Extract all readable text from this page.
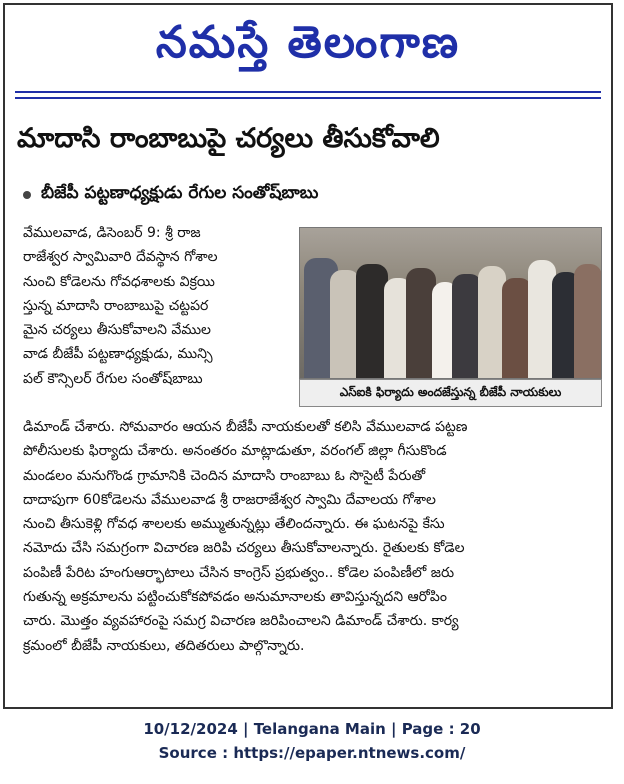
నమస్తే తెలంగాణ
మాదాసి రాంబాబుపై చర్యలు తీసుకోవాలి
బీజేపీ పట్టణాధ్యక్షుడు రేగుల సంతోష్‌బాబు

వేములవాడ, డిసెంబర్ 9: శ్రీ రాజ

రాజేశ్వర స్వామివారి దేవస్థాన గోశాల

నుంచి కోడెలను గోవధశాలకు విక్రయి

స్తున్న మాదాసి రాంబాబుపై చట్టపర

మైన చర్యలు తీసుకోవాలని వేముల

వాడ బీజేపీ పట్టణాధ్యక్షుడు, మున్సి

పల్ కౌన్సిలర్ రేగుల సంతోష్‌బాబు

ఎస్ఐకి ఫిర్యాదు అందజేస్తున్న బీజేపీ నాయకులు

డిమాండ్ చేశారు. సోమవారం ఆయన బీజేపీ నాయకులతో కలిసి వేములవాడ పట్టణ

పోలీసులకు ఫిర్యాదు చేశారు. అనంతరం మాట్లాడుతూ, వరంగల్ జిల్లా గీసుకొండ

మండలం మనుగొండ గ్రామానికి చెందిన మాదాసి రాంబాబు ఓ సొసైటీ పేరుతో

దాదాపుగా 60కోడెలను వేములవాడ శ్రీ రాజరాజేశ్వర స్వామి దేవాలయ గోశాల

నుంచి తీసుకెళ్లి గోవధ శాలలకు అమ్ముతున్నట్లు తేలిందన్నారు. ఈ ఘటనపై కేసు

నమోదు చేసి సమగ్రంగా విచారణ జరిపి చర్యలు తీసుకోవాలన్నారు. రైతులకు కోడెల

పంపిణీ పేరిట హంగుఆర్భాటాలు చేసిన కాంగ్రెస్ ప్రభుత్వం.. కోడెల పంపిణీలో జరు

గుతున్న అక్రమాలను పట్టించుకోకపోవడం అనుమానాలకు తావిస్తున్నదని ఆరోపిం

చారు. మొత్తం వ్యవహారంపై సమగ్ర విచారణ జరిపించాలని డిమాండ్ చేశారు. కార్య

క్రమంలో బీజేపీ నాయకులు, తదితరులు పాల్గొన్నారు.

10/12/2024 | Telangana Main | Page : 20
Source : https://epaper.ntnews.com/
